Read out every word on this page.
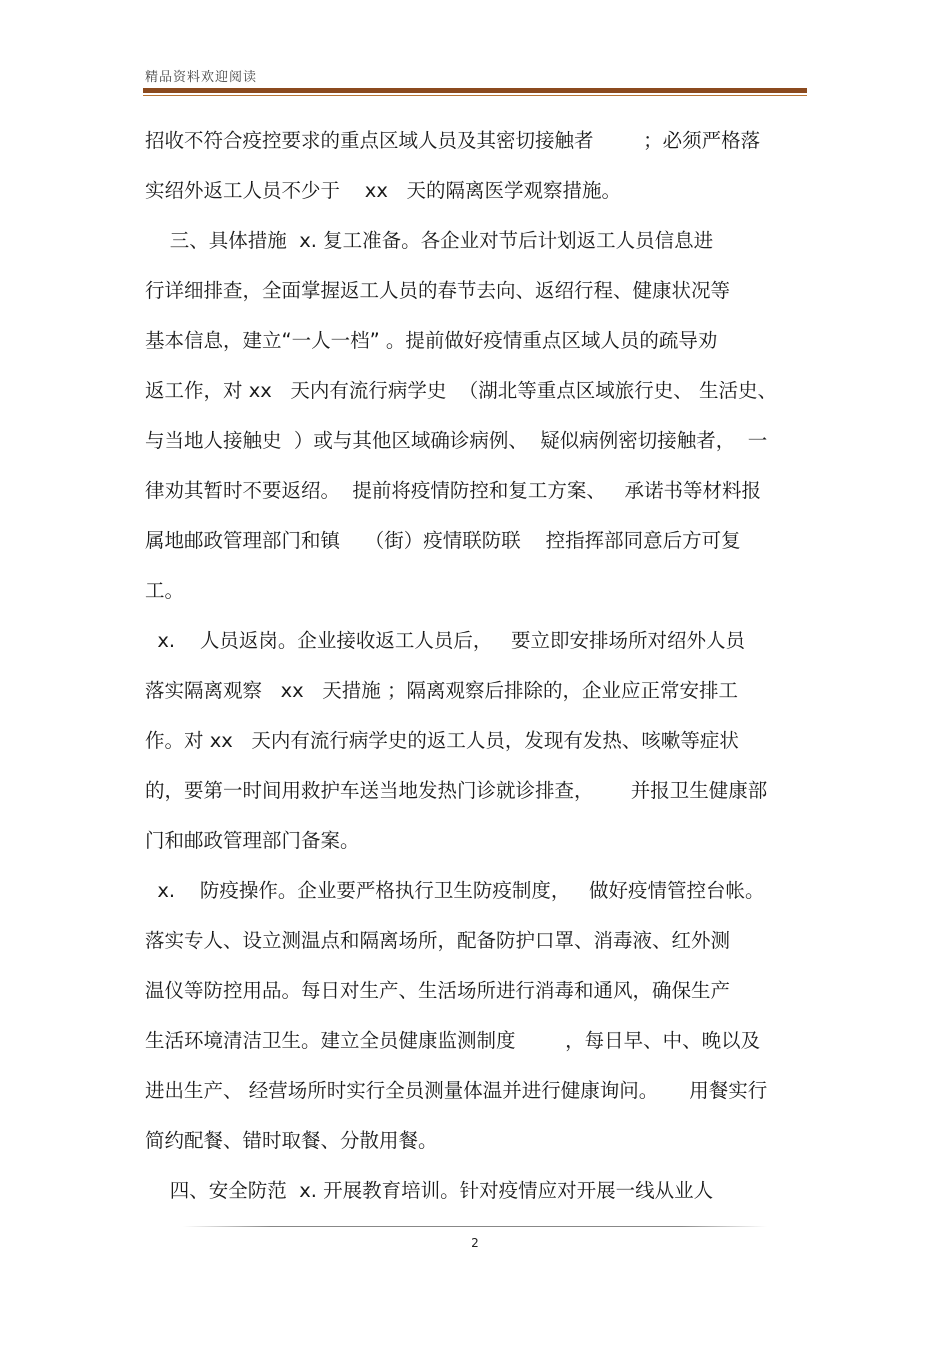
精品资料欢迎阅读
招收不符合疫控要求的重点区域人员及其密切接触者        ；必须严格落
实绍外返工人员不少于    xx   天的隔离医学观察措施。
三、具体措施  x. 复工准备。各企业对节后计划返工人员信息进
行详细排查，全面掌握返工人员的春节去向、返绍行程、健康状况等
基本信息，建立“一人一档” 。提前做好疫情重点区域人员的疏导劝
返工作，对 xx   天内有流行病学史  （湖北等重点区域旅行史、 生活史、
与当地人接触史  ）或与其他区域确诊病例、  疑似病例密切接触者，  一
律劝其暂时不要返绍。  提前将疫情防控和复工方案、   承诺书等材料报
属地邮政管理部门和镇    （街）疫情联防联    控指挥部同意后方可复
工。
x.    人员返岗。企业接收返工人员后，   要立即安排场所对绍外人员
落实隔离观察   xx   天措施 ；隔离观察后排除的，企业应正常安排工
作。对 xx   天内有流行病学史的返工人员，发现有发热、咳嗽等症状
的，要第一时间用救护车送当地发热门诊就诊排查，      并报卫生健康部
门和邮政管理部门备案。
x.    防疫操作。企业要严格执行卫生防疫制度，   做好疫情管控台帐。
落实专人、设立测温点和隔离场所，配备防护口罩、消毒液、红外测
温仪等防控用品。每日对生产、生活场所进行消毒和通风，确保生产
生活环境清洁卫生。建立全员健康监测制度        ，每日早、中、晚以及
进出生产、 经营场所时实行全员测量体温并进行健康询问。     用餐实行
简约配餐、错时取餐、分散用餐。
四、安全防范  x. 开展教育培训。针对疫情应对开展一线从业人
2
